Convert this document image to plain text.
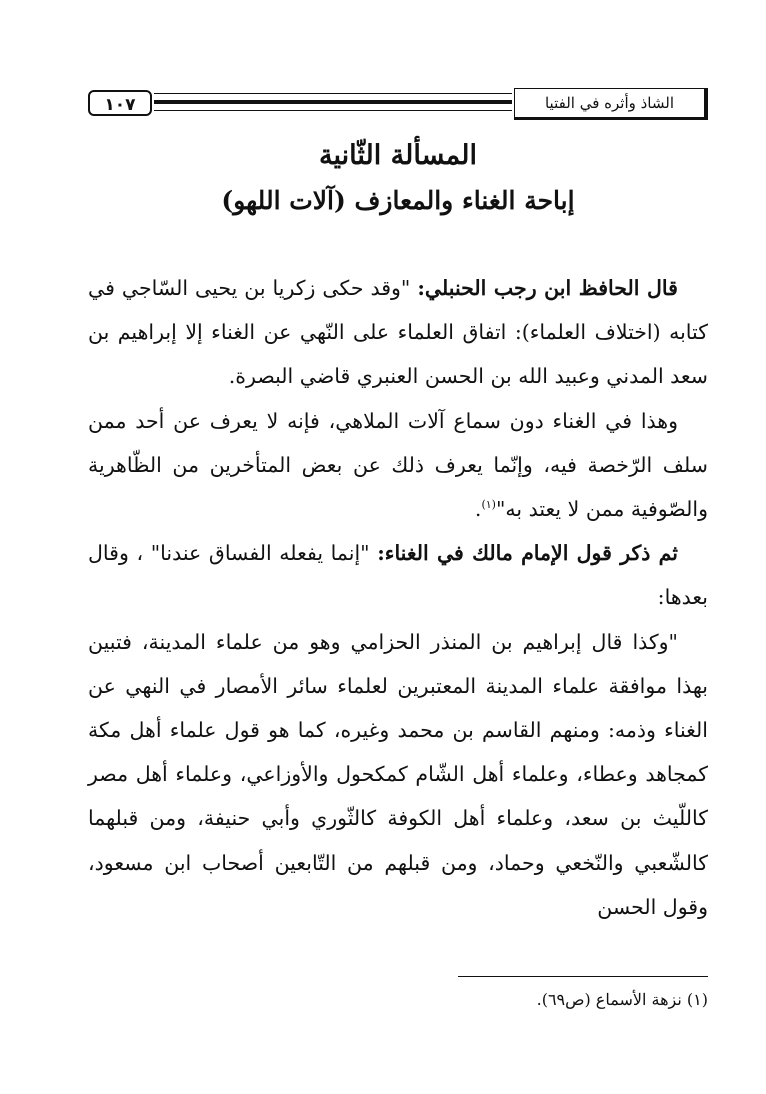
١٠٧	الشاذ وأثره في الفتيا
المسألة الثّانية
إباحة الغناء والمعازف (آلات اللهو)

قال الحافظ ابن رجب الحنبلي: "وقد حكى زكريا بن يحيى السّاجي في كتابه (اختلاف العلماء): اتفاق العلماء على النّهي عن الغناء إلا إبراهيم بن سعد المدني وعبيد الله بن الحسن العنبري قاضي البصرة.

وهذا في الغناء دون سماع آلات الملاهي، فإنه لا يعرف عن أحد ممن سلف الرّخصة فيه، وإنّما يعرف ذلك عن بعض المتأخرين من الظّاهرية والصّوفية ممن لا يعتد به"$^{(١)}$.

ثم ذكر قول الإمام مالك في الغناء: "إنما يفعله الفساق عندنا" ، وقال بعدها:

"وكذا قال إبراهيم بن المنذر الحزامي وهو من علماء المدينة، فتبين بهذا موافقة علماء المدينة المعتبرين لعلماء سائر الأمصار في النهي عن الغناء وذمه: ومنهم القاسم بن محمد وغيره، كما هو قول علماء أهل مكة كمجاهد وعطاء، وعلماء أهل الشّام كمكحول والأوزاعي، وعلماء أهل مصر كاللّيث بن سعد، وعلماء أهل الكوفة كالثّوري وأبي حنيفة، ومن قبلهما كالشّعبي والنّخعي وحماد، ومن قبلهم من التّابعين أصحاب ابن مسعود، وقول الحسن

(١) نزهة الأسماع (ص٦٩).
